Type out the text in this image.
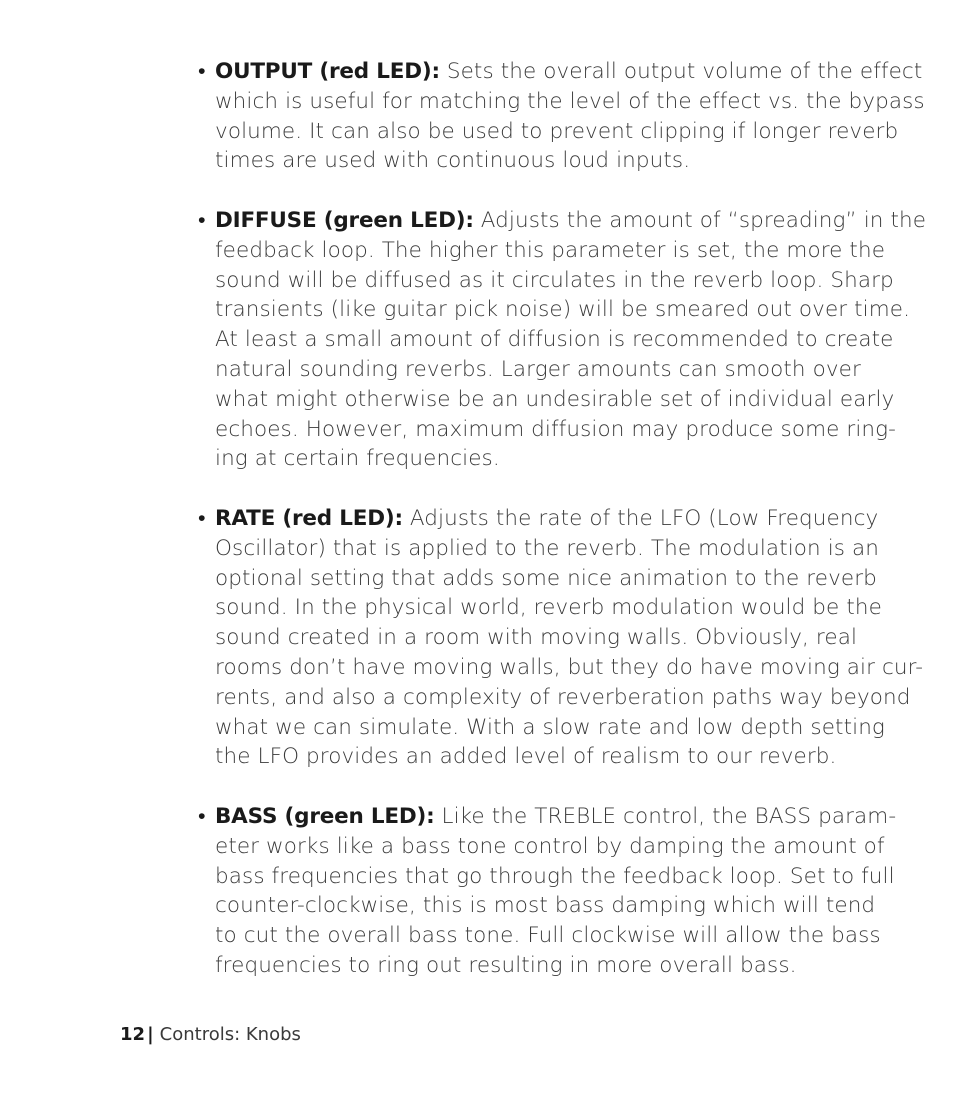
• OUTPUT (red LED): Sets the overall output volume of the effect
which is useful for matching the level of the effect vs. the bypass
volume. It can also be used to prevent clipping if longer reverb
times are used with continuous loud inputs.
• DIFFUSE (green LED): Adjusts the amount of “spreading” in the
feedback loop. The higher this parameter is set, the more the
sound will be diffused as it circulates in the reverb loop. Sharp
transients (like guitar pick noise) will be smeared out over time.
At least a small amount of diffusion is recommended to create
natural sounding reverbs. Larger amounts can smooth over
what might otherwise be an undesirable set of individual early
echoes. However, maximum diffusion may produce some ring-
ing at certain frequencies.
• RATE (red LED): Adjusts the rate of the LFO (Low Frequency
Oscillator) that is applied to the reverb. The modulation is an
optional setting that adds some nice animation to the reverb
sound. In the physical world, reverb modulation would be the
sound created in a room with moving walls. Obviously, real
rooms don’t have moving walls, but they do have moving air cur-
rents, and also a complexity of reverberation paths way beyond
what we can simulate. With a slow rate and low depth setting
the LFO provides an added level of realism to our reverb.
• BASS (green LED): Like the TREBLE control, the BASS param-
eter works like a bass tone control by damping the amount of
bass frequencies that go through the feedback loop. Set to full
counter-clockwise, this is most bass damping which will tend
to cut the overall bass tone. Full clockwise will allow the bass
frequencies to ring out resulting in more overall bass.
12 | Controls: Knobs
